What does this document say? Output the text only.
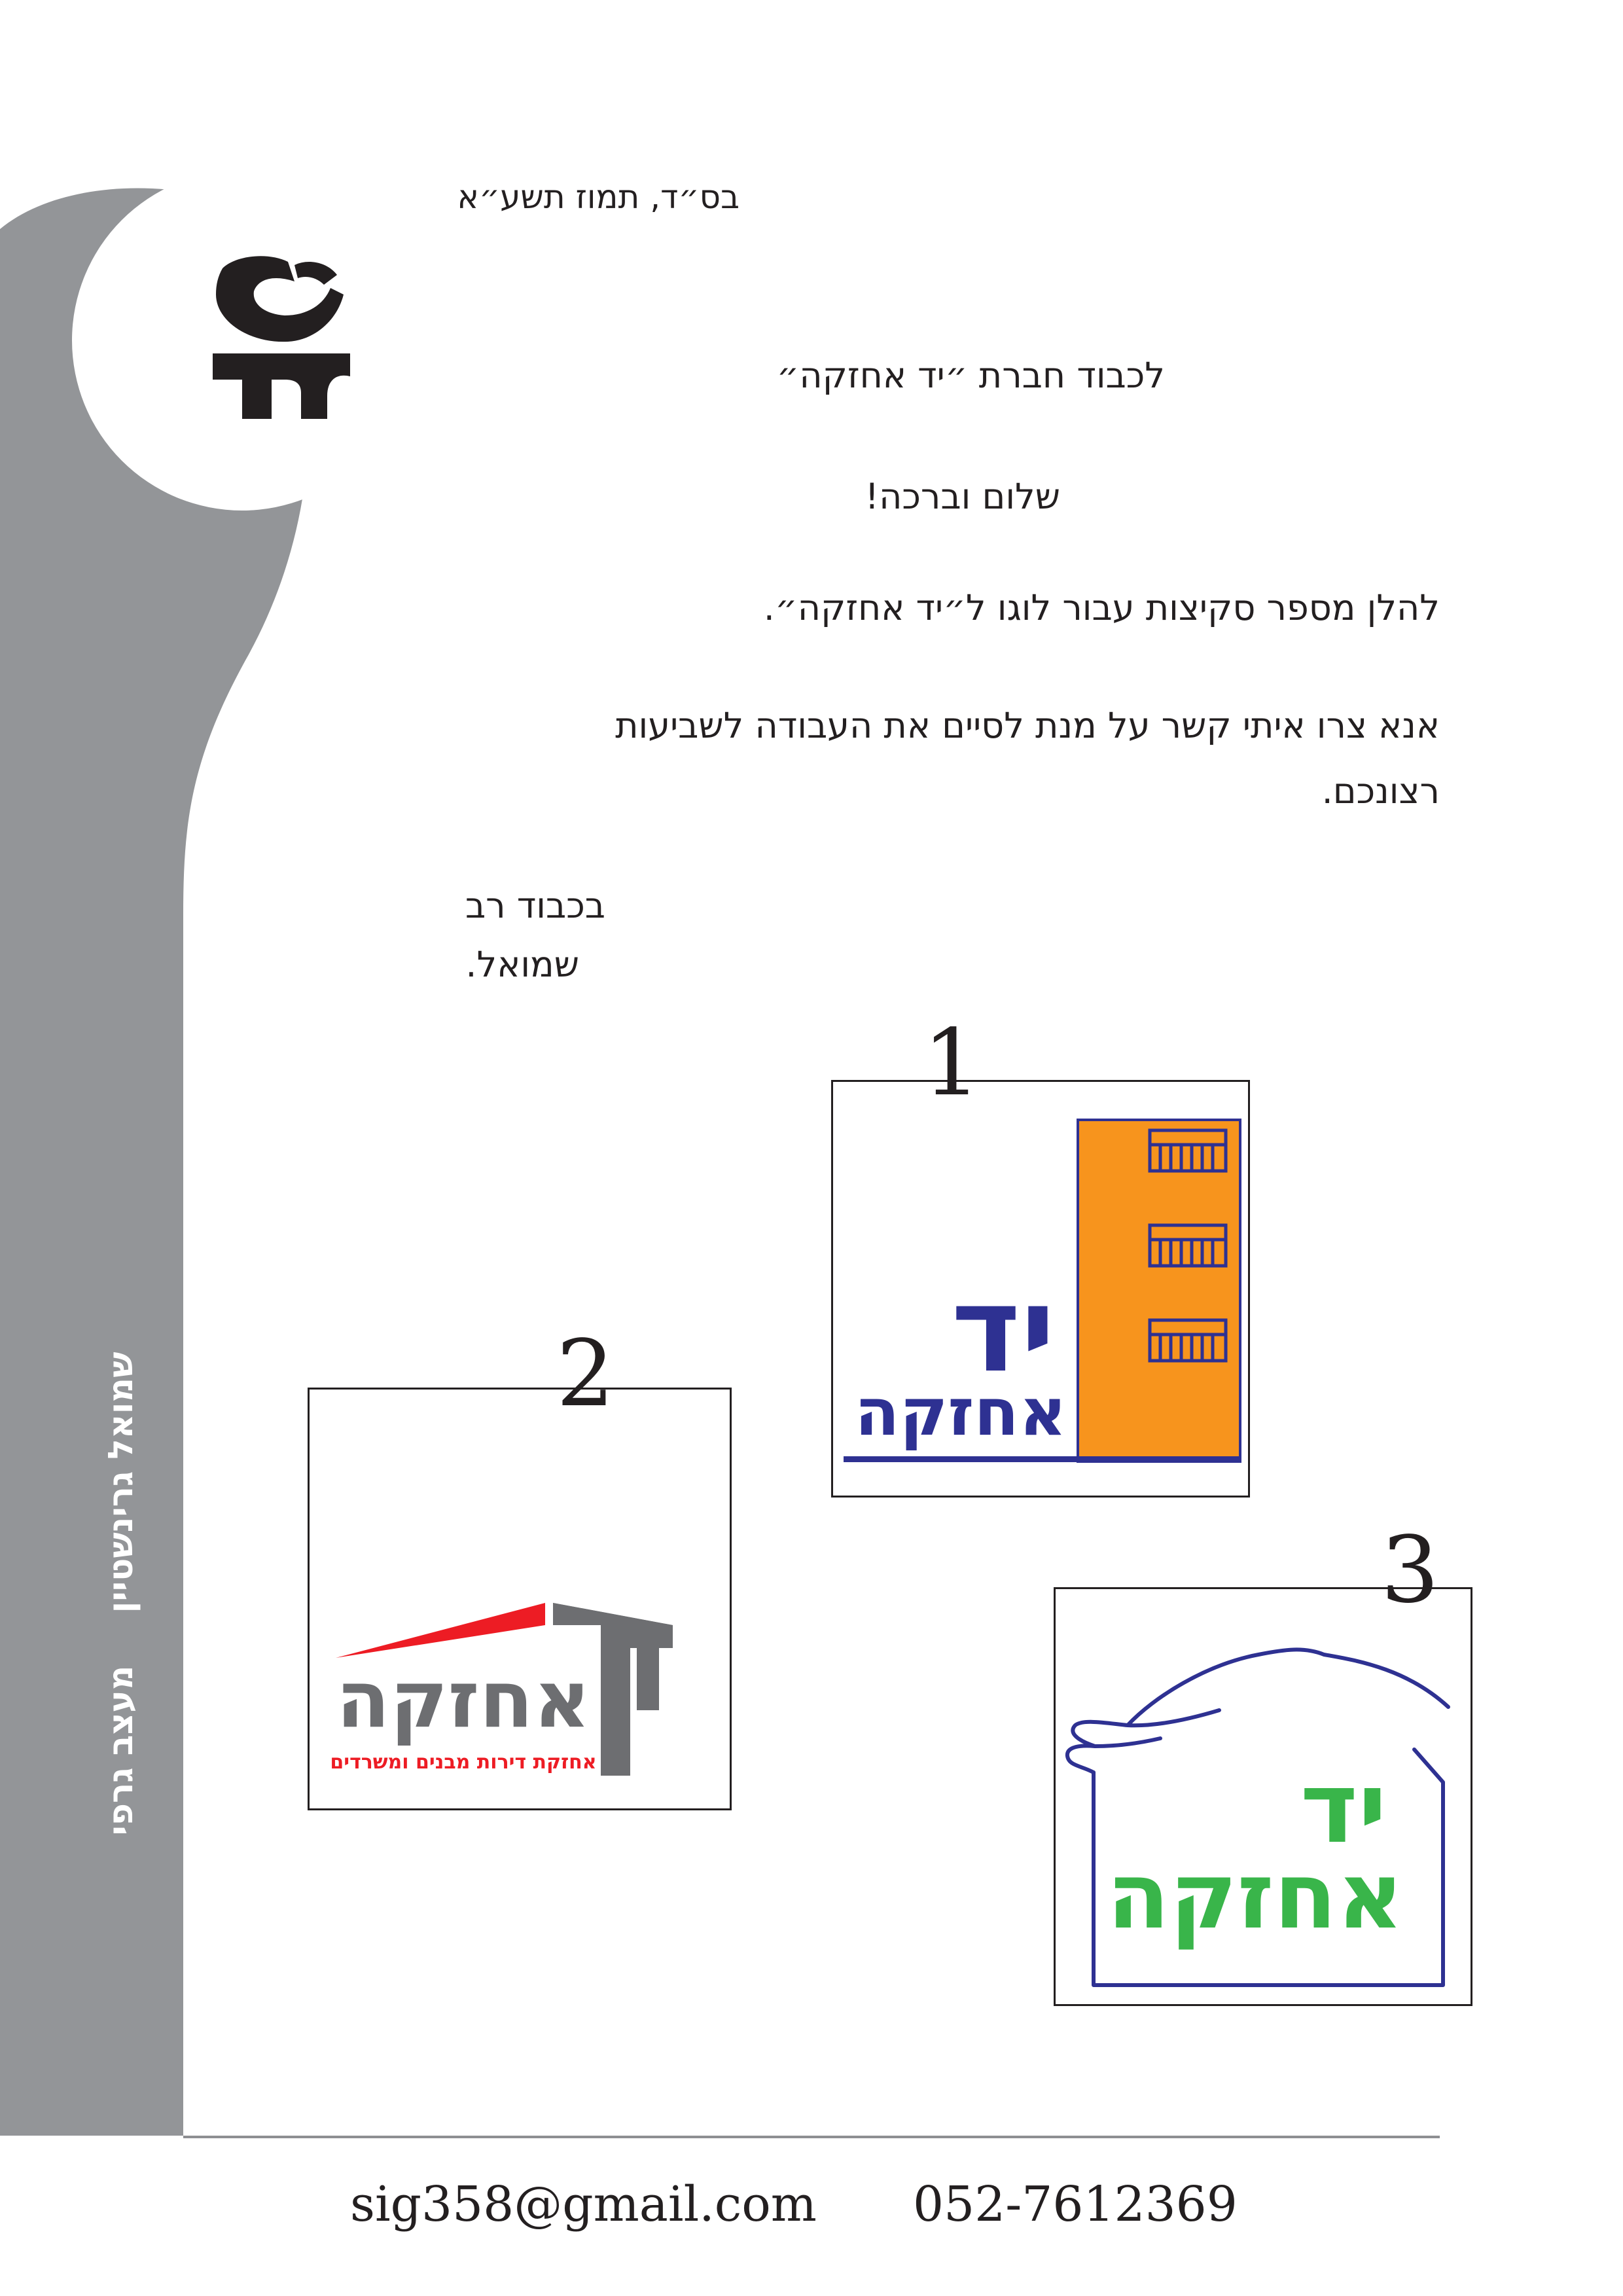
בס״ד, תמוז תשע״א
לכבוד חברת ״יד אחזקה״
שלום וברכה!
להלן מספר סקיצות עבור לוגו ל״יד אחזקה״.
אנא צרו איתי קשר על מנת לסיים את העבודה לשביעות
רצונכם.
בכבוד רב
שמואל.
שמואל גרינשטיין
מעצב גרפי
יד
אחזקה
1
אחזקה
אחזקת דירות מבנים ומשרדים
2
יד
אחזקה
3
sig358@gmail.com 052-7612369
